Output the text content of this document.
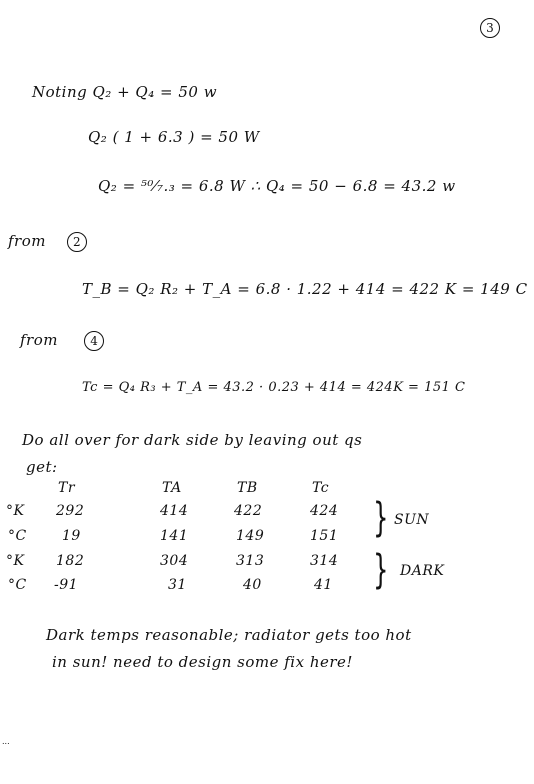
3
Noting Q₂ + Q₄ = 50 w
Q₂ ( 1 + 6.3 ) = 50 W
Q₂ = ⁵⁰⁄₇.₃ = 6.8 W ∴ Q₄ = 50 − 6.8 = 43.2 w
from 2
T_B = Q₂ R₂ + T_A = 6.8 · 1.22 + 414 = 422 K = 149 C
from	4
Tc = Q₄ R₃ + T_A = 43.2 · 0.23 + 414 = 424K = 151 C
Do all over for dark side by leaving out qs
get:
Tr	TA	TB	Tc
°K 292	414	422	424
°C	19	141	149	151
°K 182	304	313	314
°C -91	31	40	41
} SUN
} DARK
Dark temps reasonable; radiator gets too hot
in sun! need to design some fix here!
...
